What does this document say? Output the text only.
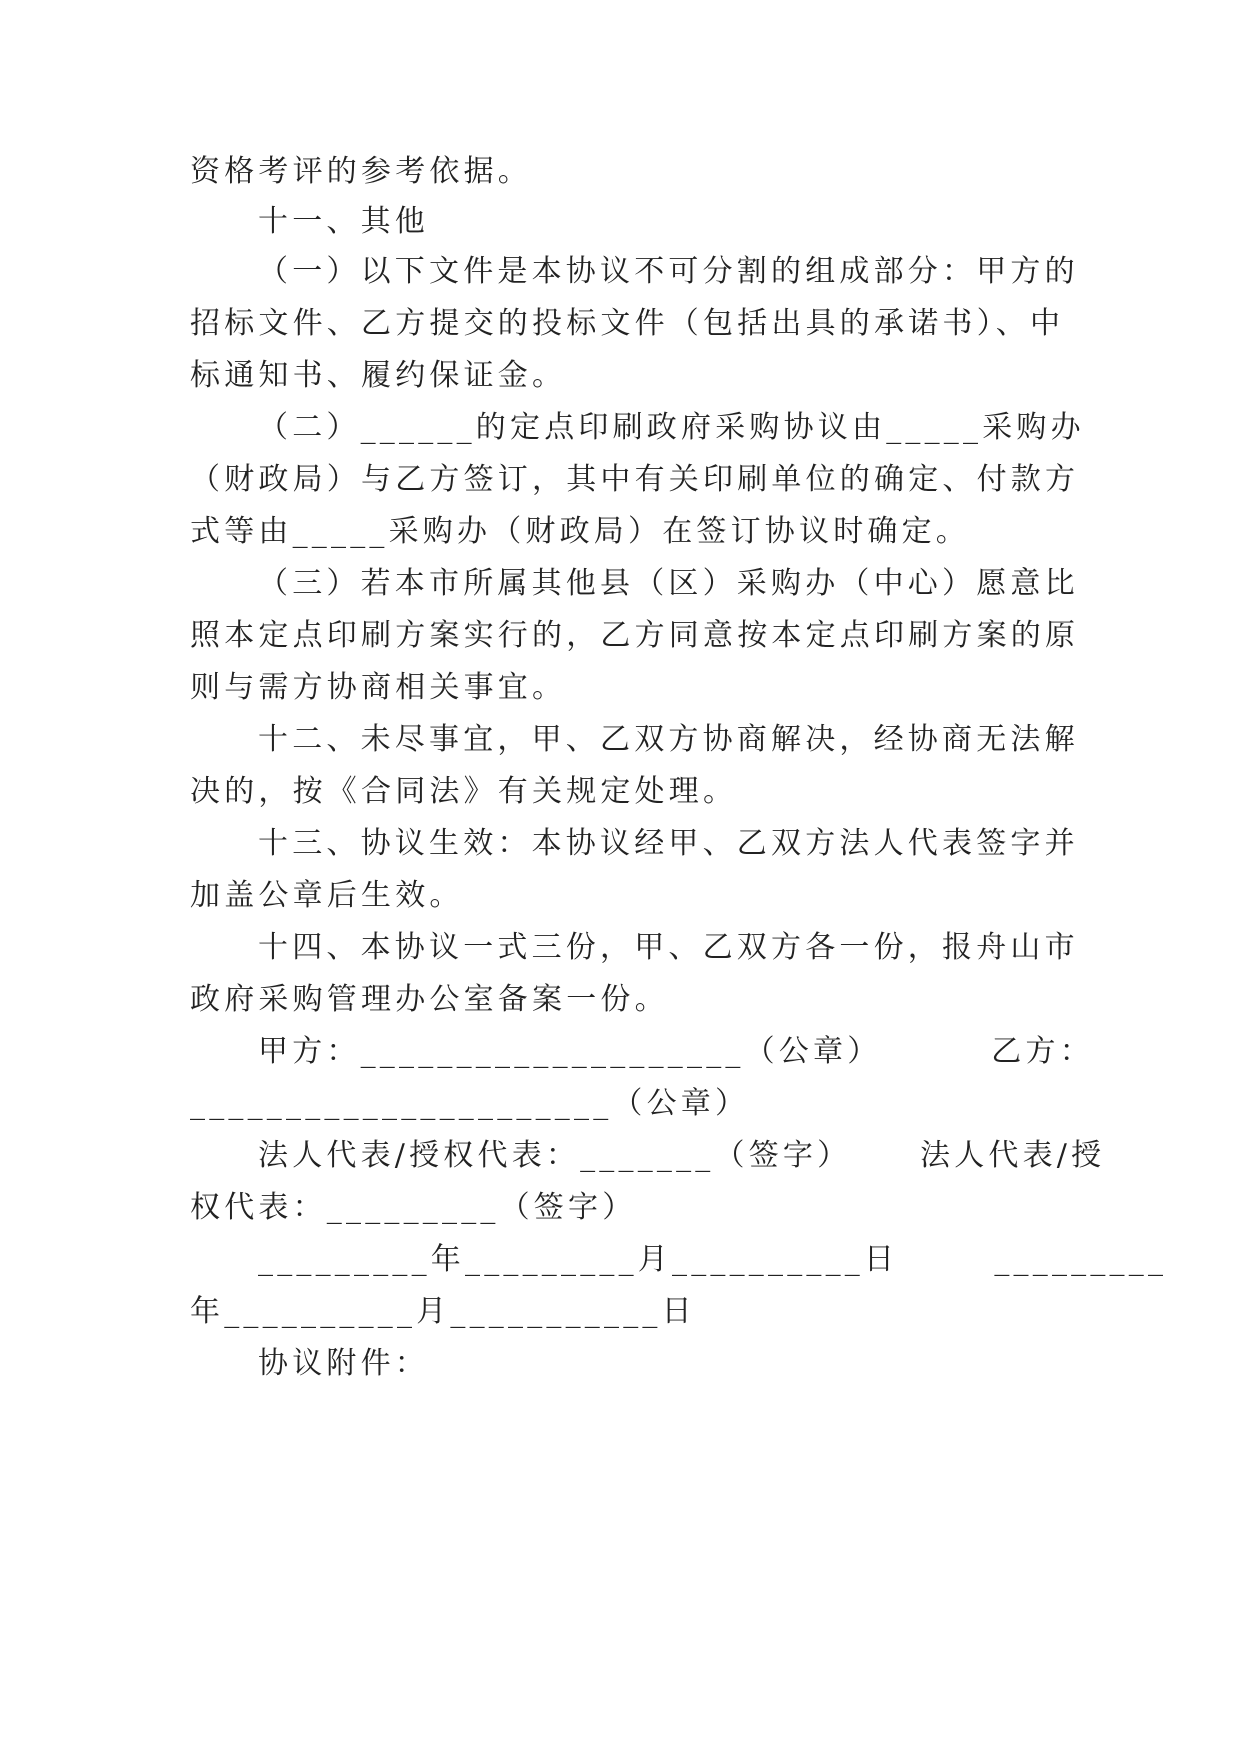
资格考评的参考依据。
十一、其他
（一）以下文件是本协议不可分割的组成部分：甲方的
招标文件、乙方提交的投标文件（包括出具的承诺书）、中
标通知书、履约保证金。
（二）______的定点印刷政府采购协议由_____采购办
（财政局）与乙方签订，其中有关印刷单位的确定、付款方
式等由_____采购办（财政局）在签订协议时确定。
（三）若本市所属其他县（区）采购办（中心）愿意比
照本定点印刷方案实行的，乙方同意按本定点印刷方案的原
则与需方协商相关事宜。
十二、未尽事宜，甲、乙双方协商解决，经协商无法解
决的，按《合同法》有关规定处理。
十三、协议生效：本协议经甲、乙双方法人代表签字并
加盖公章后生效。
十四、本协议一式三份，甲、乙双方各一份，报舟山市
政府采购管理办公室备案一份。
甲方：____________________（公章）        乙方：
______________________（公章）
法人代表/授权代表：_______（签字）     法人代表/授
权代表：_________（签字）
_________年_________月__________日       _________
年__________月___________日
协议附件：
